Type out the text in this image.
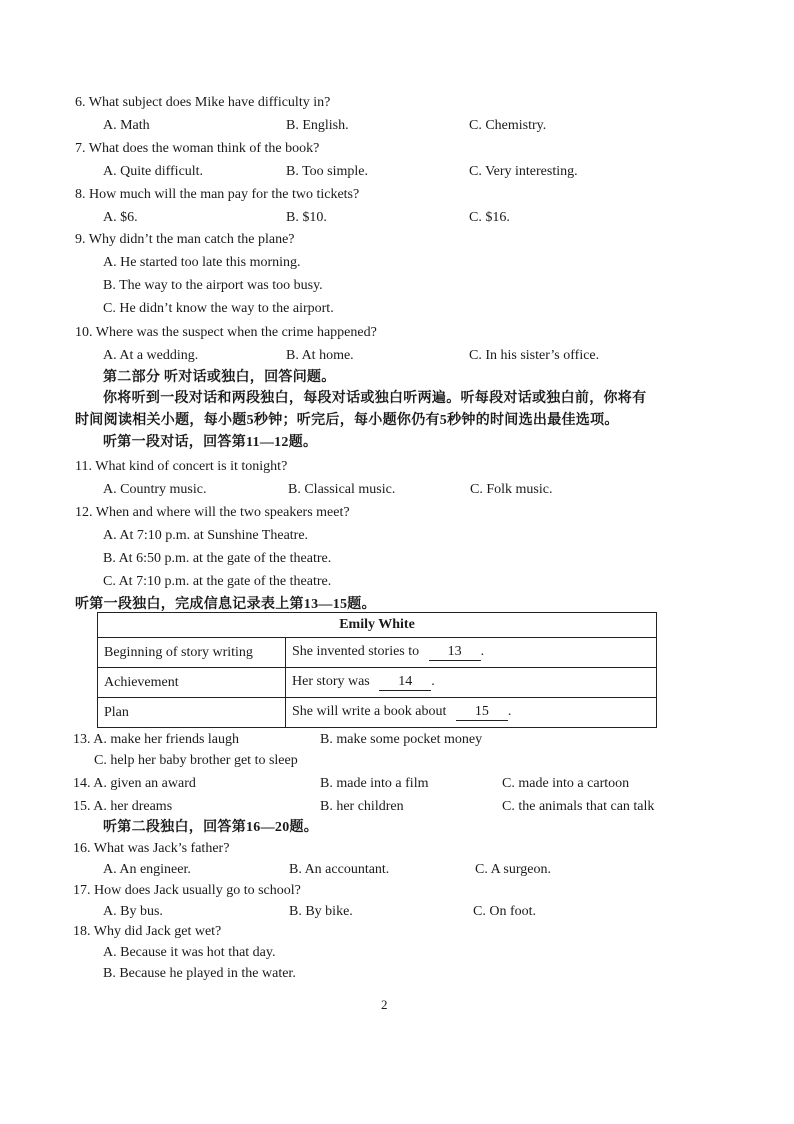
6. What subject does Mike have difficulty in?
A. Math	B. English.	C. Chemistry.
7. What does the woman think of the book?
A. Quite difficult.	B. Too simple.	C. Very interesting.
8. How much will the man pay for the two tickets?
A. $6.	B. $10.	C. $16.
9. Why didn’t the man catch the plane?
A. He started too late this morning.
B. The way to the airport was too busy.
C. He didn’t know the way to the airport.
10. Where was the suspect when the crime happened?
A. At a wedding.	B. At home.	C. In his sister’s office.
第二部分 听对话或独白，回答问题。
你将听到一段对话和两段独白，每段对话或独白听两遍。听每段对话或独白前，你将有
时间阅读相关小题，每小题5秒钟；听完后，每小题你仍有5秒钟的时间选出最佳选项。
听第一段对话，回答第11—12题。
11. What kind of concert is it tonight?
A. Country music.	B. Classical music.	C. Folk music.
12. When and where will the two speakers meet?
A. At 7:10 p.m. at Sunshine Theatre.
B. At 6:50 p.m. at the gate of the theatre.
C. At 7:10 p.m. at the gate of the theatre.
听第一段独白，完成信息记录表上第13—15题。
Emily White	
Beginning of story writing	She invented stories to 13 .
Achievement	Her story was 14 .
Plan	She will write a book about 15 .
13. A. make her friends laugh	B. make some pocket money
C. help her baby brother get to sleep
14. A. given an award	B. made into a film	C. made into a cartoon
15. A. her dreams	B. her children	C. the animals that can talk
听第二段独白，回答第16—20题。
16. What was Jack’s father?
A. An engineer.	B. An accountant.	C. A surgeon.
17. How does Jack usually go to school?
A. By bus.	B. By bike.	C. On foot.
18. Why did Jack get wet?
A. Because it was hot that day.
B. Because he played in the water.
2
